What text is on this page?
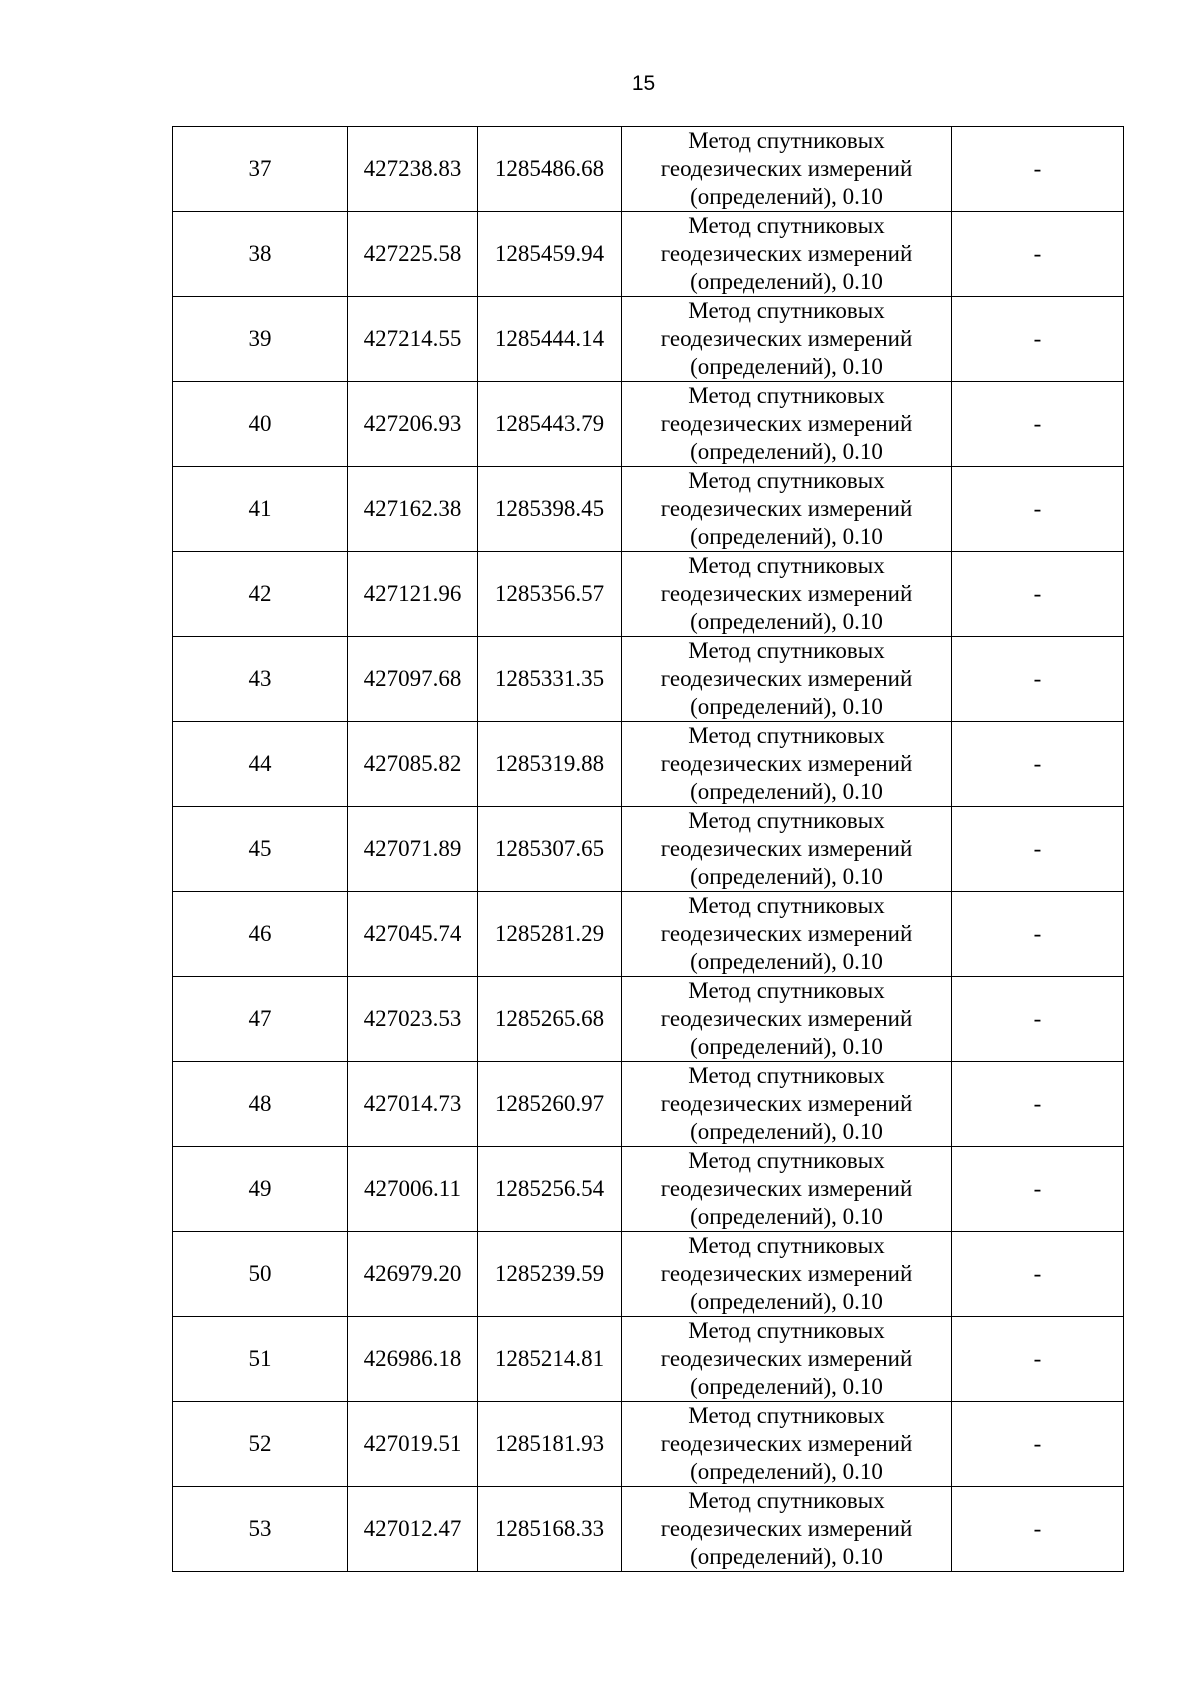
15
37	427238.83	1285486.68	Метод спутниковых
геодезических измерений
(определений), 0.10	-
38	427225.58	1285459.94	Метод спутниковых
геодезических измерений
(определений), 0.10	-
39	427214.55	1285444.14	Метод спутниковых
геодезических измерений
(определений), 0.10	-
40	427206.93	1285443.79	Метод спутниковых
геодезических измерений
(определений), 0.10	-
41	427162.38	1285398.45	Метод спутниковых
геодезических измерений
(определений), 0.10	-
42	427121.96	1285356.57	Метод спутниковых
геодезических измерений
(определений), 0.10	-
43	427097.68	1285331.35	Метод спутниковых
геодезических измерений
(определений), 0.10	-
44	427085.82	1285319.88	Метод спутниковых
геодезических измерений
(определений), 0.10	-
45	427071.89	1285307.65	Метод спутниковых
геодезических измерений
(определений), 0.10	-
46	427045.74	1285281.29	Метод спутниковых
геодезических измерений
(определений), 0.10	-
47	427023.53	1285265.68	Метод спутниковых
геодезических измерений
(определений), 0.10	-
48	427014.73	1285260.97	Метод спутниковых
геодезических измерений
(определений), 0.10	-
49	427006.11	1285256.54	Метод спутниковых
геодезических измерений
(определений), 0.10	-
50	426979.20	1285239.59	Метод спутниковых
геодезических измерений
(определений), 0.10	-
51	426986.18	1285214.81	Метод спутниковых
геодезических измерений
(определений), 0.10	-
52	427019.51	1285181.93	Метод спутниковых
геодезических измерений
(определений), 0.10	-
53	427012.47	1285168.33	Метод спутниковых
геодезических измерений
(определений), 0.10	-
